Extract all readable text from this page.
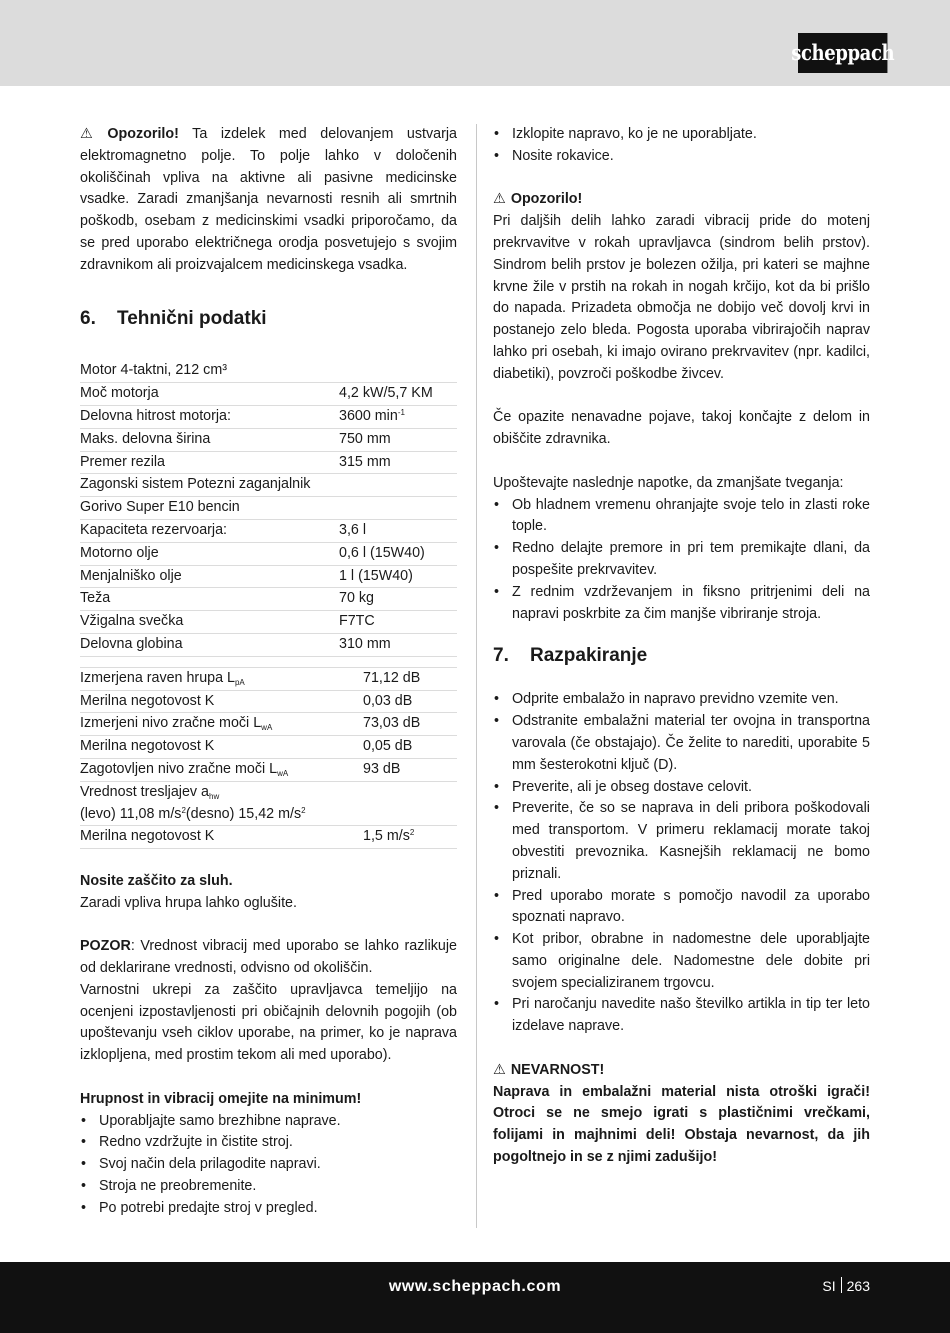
scheppach

⚠ Opozorilo! Ta izdelek med delovanjem ustvarja elektromagnetno polje. To polje lahko v določenih okoliščinah vpliva na aktivne ali pasivne medicinske vsadke. Zaradi zmanjšanja nevarnosti resnih ali smrtnih poškodb, osebam z medicinskimi vsadki priporočamo, da se pred uporabo električnega orodja posvetujejo s svojim zdravnikom ali proizvajalcem medicinskega vsadka.

6. Tehnični podatki
Motor 4-taktni, 212 cm³	
Moč motorja	4,2 kW/5,7 KM
Delovna hitrost motorja:	3600 $\min^{-1}$
Maks. delovna širina	750 mm
Premer rezila	315 mm
Zagonski sistem Potezni zaganjalnik	
Gorivo Super E10 bencin	
Kapaciteta rezervoarja:	3,6 l
Motorno olje	0,6 l (15W40)
Menjalniško olje	1 l (15W40)
Teža	70 kg
Vžigalna svečka	F7TC
Delovna globina	310 mm
Izmerjena raven hrupa $L_{pA}$	71,12 dB
Merilna negotovost K	0,03 dB
Izmerjeni nivo zračne moči $L_{wA}$	73,03 dB
Merilna negotovost K	0,05 dB
Zagotovljen nivo zračne moči $L_{wA}$	93 dB
Vrednost tresljajev $a_{hw}$
(levo) 11,08 $m/s^2(desno)$ 15,42 $m/s^2$
Merilna negotovost K	1,5 $m/s^2$

Nosite zaščito za sluh.

Zaradi vpliva hrupa lahko oglušite.

POZOR: Vrednost vibracij med uporabo se lahko razlikuje od deklarirane vrednosti, odvisno od okoliščin.

Varnostni ukrepi za zaščito upravljavca temeljijo na ocenjeni izpostavljenosti pri običajnih delovnih pogojih (ob upoštevanju vseh ciklov uporabe, na primer, ko je naprava izklopljena, med prostim tekom ali med uporabo).

Hrupnost in vibracij omejite na minimum!

• Uporabljajte samo brezhibne naprave.
• Redno vzdržujte in čistite stroj.
• Svoj način dela prilagodite napravi.
• Stroja ne preobremenite.
• Po potrebi predajte stroj v pregled.
• Izklopite napravo, ko je ne uporabljate.
• Nosite rokavice.

⚠ Opozorilo!

Pri daljših delih lahko zaradi vibracij pride do motenj prekrvavitve v rokah upravljavca (sindrom belih prstov). Sindrom belih prstov je bolezen ožilja, pri kateri se majhne krvne žile v prstih na rokah in nogah krčijo, kot da bi prišlo do napada. Prizadeta območja ne dobijo več dovolj krvi in postanejo zelo bleda. Pogosta uporaba vibrirajočih naprav lahko pri osebah, ki imajo ovirano prekrvavitev (npr. kadilci, diabetiki), povzroči poškodbe živcev.

Če opazite nenavadne pojave, takoj končajte z delom in obiščite zdravnika.

Upoštevajte naslednje napotke, da zmanjšate tveganja:

• Ob hladnem vremenu ohranjajte svoje telo in zlasti roke tople.
• Redno delajte premore in pri tem premikajte dlani, da pospešite prekrvavitev.
• Z rednim vzdrževanjem in fiksno pritrjenimi deli na napravi poskrbite za čim manjše vibriranje stroja.
7. Razpakiranje
• Odprite embalažo in napravo previdno vzemite ven.
• Odstranite embalažni material ter ovojna in transportna varovala (če obstajajo). Če želite to narediti, uporabite 5 mm šesterokotni ključ (D).
• Preverite, ali je obseg dostave celovit.
• Preverite, če so se naprava in deli pribora poškodovali med transportom. V primeru reklamacij morate takoj obvestiti prevoznika. Kasnejših reklamacij ne bomo priznali.
• Pred uporabo morate s pomočjo navodil za uporabo spoznati napravo.
• Kot pribor, obrabne in nadomestne dele uporabljajte samo originalne dele. Nadomestne dele dobite pri svojem specializiranem trgovcu.
• Pri naročanju navedite našo številko artikla in tip ter leto izdelave naprave.

⚠ NEVARNOST!

Naprava in embalažni material nista otroški igrači! Otroci se ne smejo igrati s plastičnimi vrečkami, folijami in majhnimi deli! Obstaja nevarnost, da jih pogoltnejo in se z njimi zadušijo!

www.scheppach.com	SI 263
